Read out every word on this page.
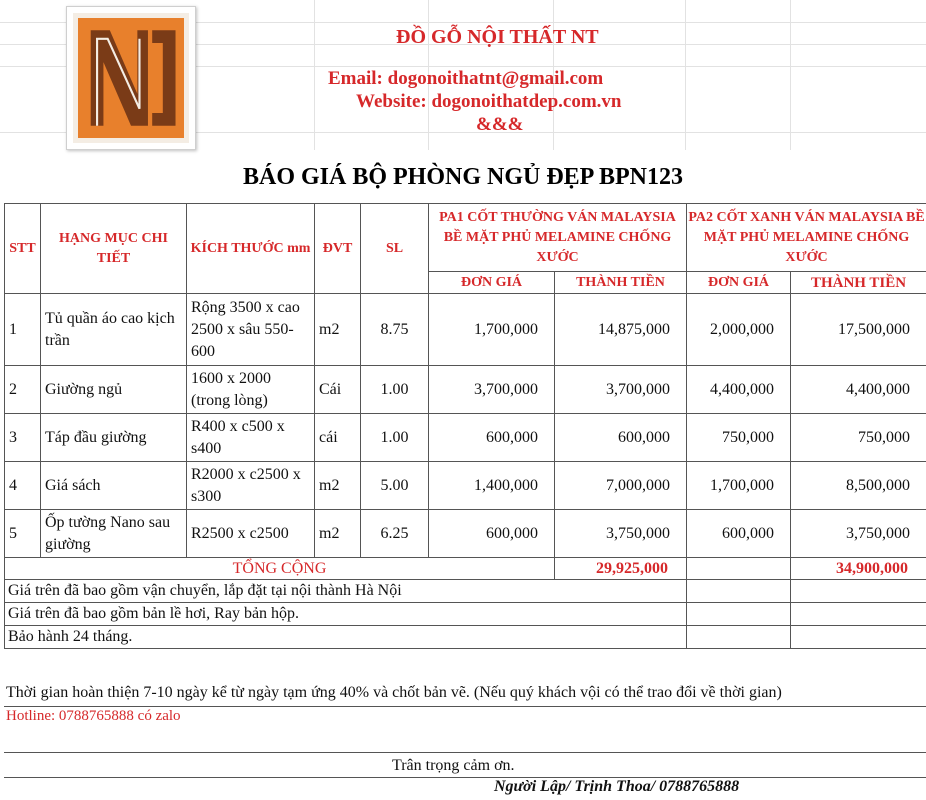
ĐỒ GỖ NỘI THẤT NT
Email: dogonoithatnt@gmail.com
Website: dogonoithatdep.com.vn
&&&
BÁO GIÁ BỘ PHÒNG NGỦ ĐẸP BPN123
STT	HẠNG MỤC CHI TIẾT	KÍCH THƯỚC mm	ĐVT	SL	PA1 CỐT THƯỜNG VÁN MALAYSIA BỀ MẶT PHỦ MELAMINE CHỐNG XƯỚC		PA2 CỐT XANH VÁN MALAYSIA BỀ MẶT PHỦ MELAMINE CHỐNG XƯỚC	
					ĐƠN GIÁ	THÀNH TIỀN	ĐƠN GIÁ	THÀNH TIỀN
1	Tủ quần áo cao kịch trần	Rộng 3500 x cao 2500 x sâu 550-600	m2	8.75	1,700,000	14,875,000	2,000,000	17,500,000
2	Giường ngủ	1600 x 2000 (trong lòng)	Cái	1.00	3,700,000	3,700,000	4,400,000	4,400,000
3	Táp đầu giường	R400 x c500 x s400	cái	1.00	600,000	600,000	750,000	750,000
4	Giá sách	R2000 x c2500 x s300	m2	5.00	1,400,000	7,000,000	1,700,000	8,500,000
5	Ốp tường Nano sau giường	R2500 x c2500	m2	6.25	600,000	3,750,000	600,000	3,750,000
TỔNG CỘNG						29,925,000		34,900,000
Giá trên đã bao gồm vận chuyển, lắp đặt tại nội thành Hà Nội								
Giá trên đã bao gồm bản lề hơi, Ray bản hộp.								
Bảo hành 24 tháng.								
Thời gian hoàn thiện 7-10 ngày kể từ ngày tạm ứng 40% và chốt bản vẽ. (Nếu quý khách vội có thể trao đổi về thời gian)
Hotline: 0788765888 có zalo
Trân trọng cảm ơn.
Người Lập/ Trịnh Thoa/ 0788765888
